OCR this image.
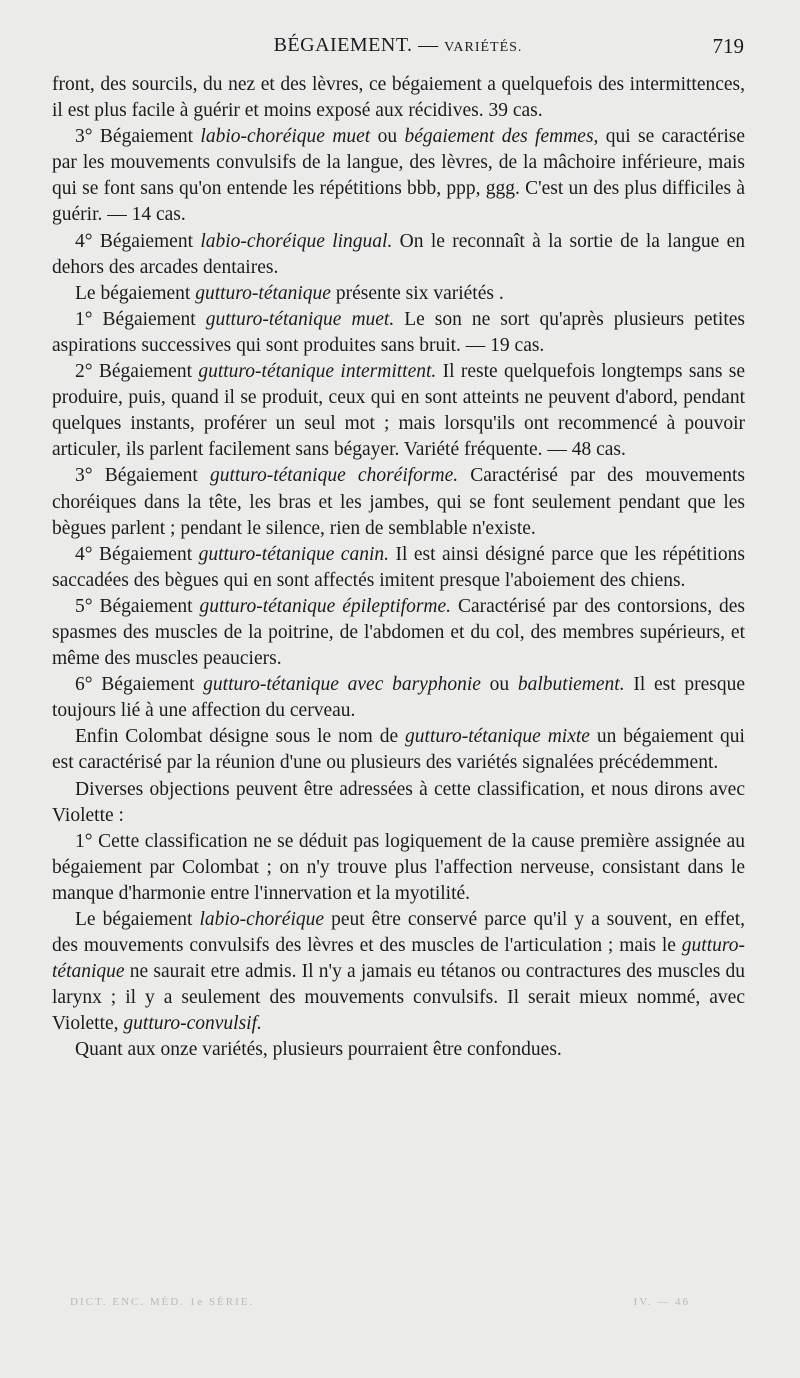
BÉGAIEMENT. — VARIÉTÉS.	719

front, des sourcils, du nez et des lèvres, ce bégaiement a quelquefois des intermittences, il est plus facile à guérir et moins exposé aux récidives. 39 cas.

3° Bégaiement labio-choréique muet ou bégaiement des femmes, qui se caractérise par les mouvements convulsifs de la langue, des lèvres, de la mâchoire inférieure, mais qui se font sans qu'on entende les répétitions bbb, ppp, ggg. C'est un des plus difficiles à guérir. — 14 cas.

4° Bégaiement labio-choréique lingual. On le reconnaît à la sortie de la langue en dehors des arcades dentaires.

Le bégaiement gutturo-tétanique présente six variétés .

1° Bégaiement gutturo-tétanique muet. Le son ne sort qu'après plusieurs petites aspirations successives qui sont produites sans bruit. — 19 cas.

2° Bégaiement gutturo-tétanique intermittent. Il reste quelquefois longtemps sans se produire, puis, quand il se produit, ceux qui en sont atteints ne peuvent d'abord, pendant quelques instants, proférer un seul mot ; mais lorsqu'ils ont recommencé à pouvoir articuler, ils parlent facilement sans bégayer. Variété fréquente. — 48 cas.

3° Bégaiement gutturo-tétanique choréiforme. Caractérisé par des mouvements choréiques dans la tête, les bras et les jambes, qui se font seulement pendant que les bègues parlent ; pendant le silence, rien de semblable n'existe.

4° Bégaiement gutturo-tétanique canin. Il est ainsi désigné parce que les répétitions saccadées des bègues qui en sont affectés imitent presque l'aboiement des chiens.

5° Bégaiement gutturo-tétanique épileptiforme. Caractérisé par des contorsions, des spasmes des muscles de la poitrine, de l'abdomen et du col, des membres supérieurs, et même des muscles peauciers.

6° Bégaiement gutturo-tétanique avec baryphonie ou balbutiement. Il est presque toujours lié à une affection du cerveau.

Enfin Colombat désigne sous le nom de gutturo-tétanique mixte un bégaiement qui est caractérisé par la réunion d'une ou plusieurs des variétés signalées précédemment.

Diverses objections peuvent être adressées à cette classification, et nous dirons avec Violette :

1° Cette classification ne se déduit pas logiquement de la cause première assignée au bégaiement par Colombat ; on n'y trouve plus l'affection nerveuse, consistant dans le manque d'harmonie entre l'innervation et la myotilité.

Le bégaiement labio-choréique peut être conservé parce qu'il y a souvent, en effet, des mouvements convulsifs des lèvres et des muscles de l'articulation ; mais le gutturo-tétanique ne saurait etre admis. Il n'y a jamais eu tétanos ou contractures des muscles du larynx ; il y a seulement des mouvements convulsifs. Il serait mieux nommé, avec Violette, gutturo-convulsif.

Quant aux onze variétés, plusieurs pourraient être confondues.

DICT. ENC. MÉD. 1e SÉRIE.	IV. — 46
